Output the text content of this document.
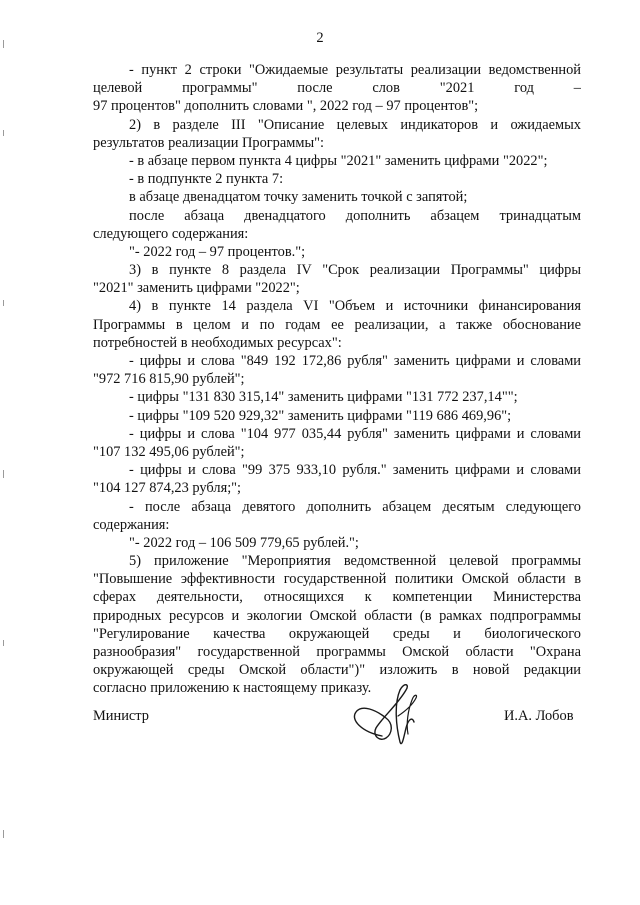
2
- пункт 2 строки "Ожидаемые результаты реализации ведомственной
целевой программы" после слов "2021 год –
97 процентов" дополнить словами ", 2022 год – 97 процентов";
2) в разделе III "Описание целевых индикаторов и ожидаемых
результатов реализации Программы":
- в абзаце первом пункта 4 цифры "2021" заменить цифрами "2022";
- в подпункте 2 пункта 7:
в абзаце двенадцатом точку заменить точкой с запятой;
после абзаца двенадцатого дополнить абзацем тринадцатым
следующего содержания:
"- 2022 год – 97 процентов.";
3) в пункте 8 раздела IV "Срок реализации Программы" цифры
"2021" заменить цифрами "2022";
4) в пункте 14 раздела VI "Объем и источники финансирования
Программы в целом и по годам ее реализации, а также обоснование
потребностей в необходимых ресурсах":
- цифры и слова "849 192 172,86 рубля" заменить цифрами и словами
"972 716 815,90 рублей";
- цифры "131 830 315,14" заменить цифрами "131 772 237,14"";
- цифры "109 520 929,32" заменить цифрами "119 686 469,96";
- цифры и слова "104 977 035,44 рубля" заменить цифрами и словами
"107 132 495,06 рублей";
- цифры и слова "99 375 933,10 рубля." заменить цифрами и словами
"104 127 874,23 рубля;";
- после абзаца девятого дополнить абзацем десятым следующего
содержания:
"- 2022 год – 106 509 779,65 рублей.";
5) приложение "Мероприятия ведомственной целевой программы
"Повышение эффективности государственной политики Омской области в
сферах деятельности, относящихся к компетенции Министерства
природных ресурсов и экологии Омской области (в рамках подпрограммы
"Регулирование качества окружающей среды и биологического
разнообразия" государственной программы Омской области "Охрана
окружающей среды Омской области")" изложить в новой редакции
согласно приложению к настоящему приказу.
Министр	И.А. Лобов
